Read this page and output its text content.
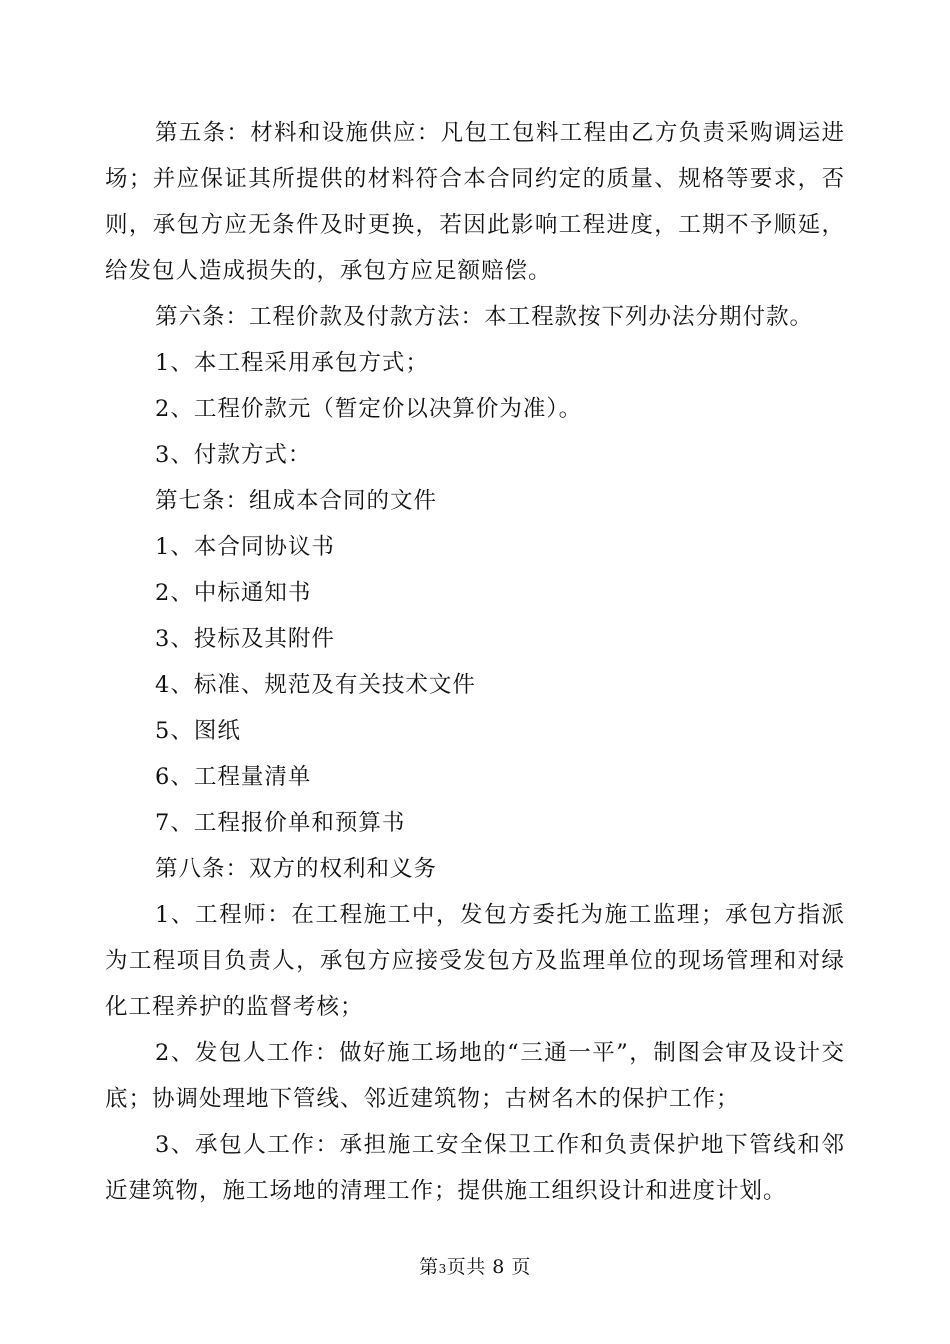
第五条：材料和设施供应：凡包工包料工程由乙方负责采购调运进场；并应保证其所提供的材料符合本合同约定的质量、规格等要求，否则，承包方应无条件及时更换，若因此影响工程进度，工期不予顺延，给发包人造成损失的，承包方应足额赔偿。

第六条：工程价款及付款方法：本工程款按下列办法分期付款。

1、本工程采用承包方式；

2、工程价款元（暂定价以决算价为准）。

3、付款方式：

第七条：组成本合同的文件

1、本合同协议书

2、中标通知书

3、投标及其附件

4、标准、规范及有关技术文件

5、图纸

6、工程量清单

7、工程报价单和预算书

第八条：双方的权利和义务

1、工程师：在工程施工中，发包方委托为施工监理；承包方指派为工程项目负责人，承包方应接受发包方及监理单位的现场管理和对绿化工程养护的监督考核；

2、发包人工作：做好施工场地的“三通一平”，制图会审及设计交底；协调处理地下管线、邻近建筑物；古树名木的保护工作；

3、承包人工作：承担施工安全保卫工作和负责保护地下管线和邻近建筑物，施工场地的清理工作；提供施工组织设计和进度计划。

第3页共 8 页
